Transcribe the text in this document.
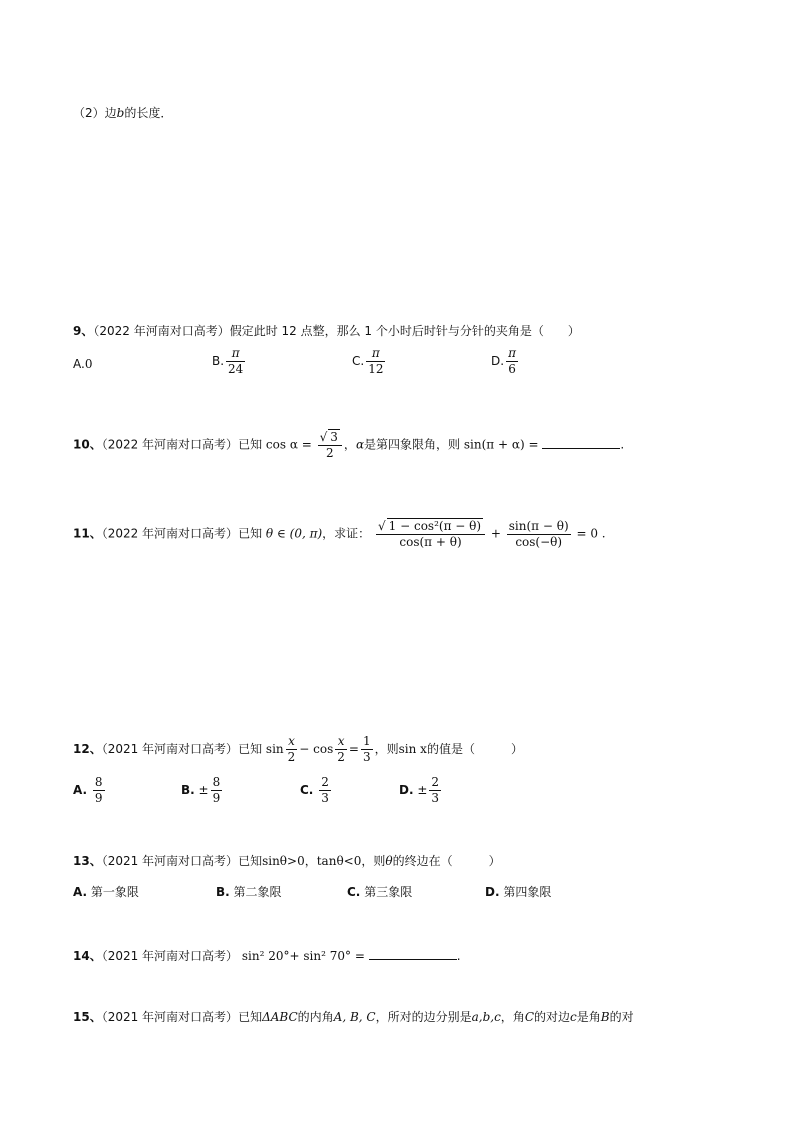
（2）边b的长度．
9、（2022 年河南对口高考）假定此时 12 点整，那么 1 个小时后时针与分针的夹角是（　　）
A.0	B. $\frac{\pi}{24}$	C. $\frac{\pi}{12}$	D. $\frac{\pi}{6}$
10、（2022 年河南对口高考）已知 $\cos \alpha = \frac{√ 3}{2}$ ，α是第四象限角，则 sin(π + α) =	.
11、（2022 年河南对口高考）已知 θ ∈ (0, π)，求证： $\frac{\text{√ 1 − cos²(π − θ)}}{\cos(\pi + \theta)} + \frac{\sin(\pi - \theta)}{\cos(-\theta)} = 0$ .
12、（2021 年河南对口高考）已知 $\sin \frac{x}{2} - \cos \frac{x}{2} = \frac{1}{3}$ ，则sin x的值是（　　　）
A. $\frac{8}{9}$	B. ± $\frac{8}{9}$	C. $\frac{2}{3}$	D. ± $\frac{2}{3}$
13、（2021 年河南对口高考）已知sinθ>0，tanθ<0，则θ的终边在（　　　）
A. 第一象限	B. 第二象限	C. 第三象限	D. 第四象限
14、（2021 年河南对口高考） sin² 20°+ sin² 70° =	.
15、（2021 年河南对口高考）已知ΔABC的内角A, B, C，所对的边分别是a,b,c，角C的对边c是角B的对
